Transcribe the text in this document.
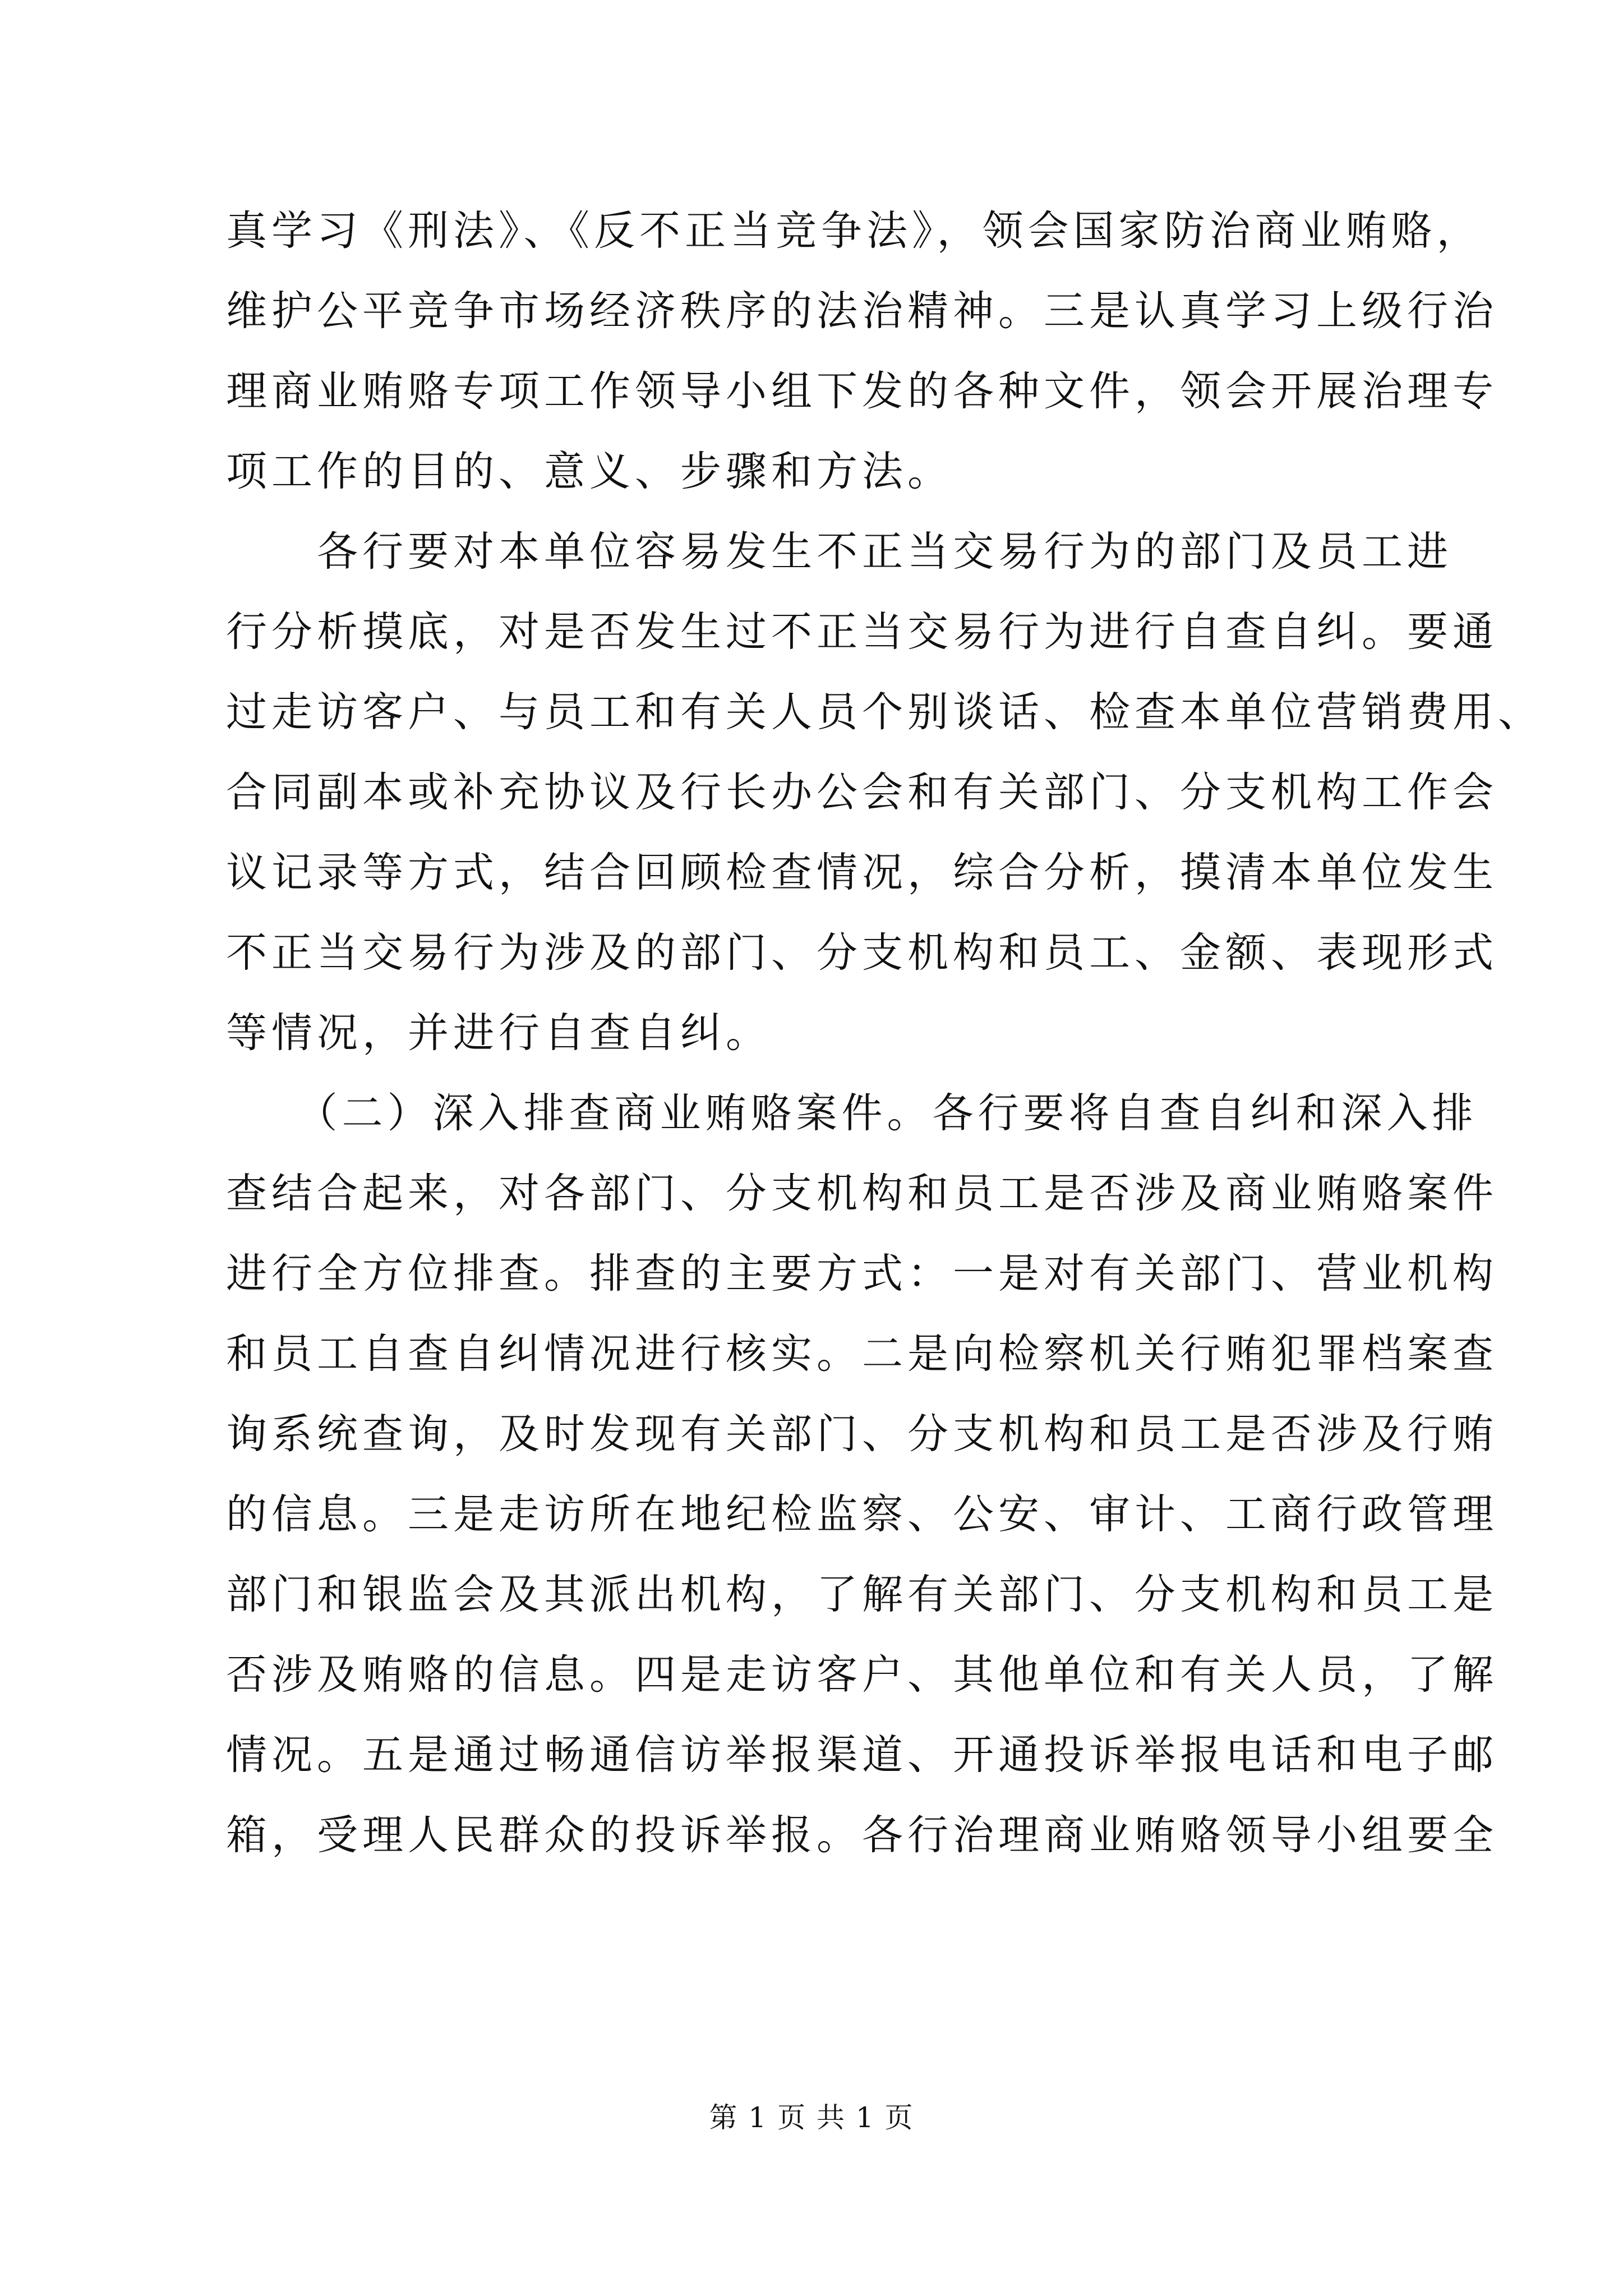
真学习《刑法》、《反不正当竞争法》，领会国家防治商业贿赂，
维护公平竞争市场经济秩序的法治精神。三是认真学习上级行治
理商业贿赂专项工作领导小组下发的各种文件，领会开展治理专
项工作的目的、意义、步骤和方法。
　　各行要对本单位容易发生不正当交易行为的部门及员工进
行分析摸底，对是否发生过不正当交易行为进行自查自纠。要通
过走访客户、与员工和有关人员个别谈话、检查本单位营销费用、
合同副本或补充协议及行长办公会和有关部门、分支机构工作会
议记录等方式，结合回顾检查情况，综合分析，摸清本单位发生
不正当交易行为涉及的部门、分支机构和员工、金额、表现形式
等情况，并进行自查自纠。
　　（二）深入排查商业贿赂案件。各行要将自查自纠和深入排
查结合起来，对各部门、分支机构和员工是否涉及商业贿赂案件
进行全方位排查。排查的主要方式：一是对有关部门、营业机构
和员工自查自纠情况进行核实。二是向检察机关行贿犯罪档案查
询系统查询，及时发现有关部门、分支机构和员工是否涉及行贿
的信息。三是走访所在地纪检监察、公安、审计、工商行政管理
部门和银监会及其派出机构，了解有关部门、分支机构和员工是
否涉及贿赂的信息。四是走访客户、其他单位和有关人员，了解
情况。五是通过畅通信访举报渠道、开通投诉举报电话和电子邮
箱，受理人民群众的投诉举报。各行治理商业贿赂领导小组要全
第 1 页 共 1 页
